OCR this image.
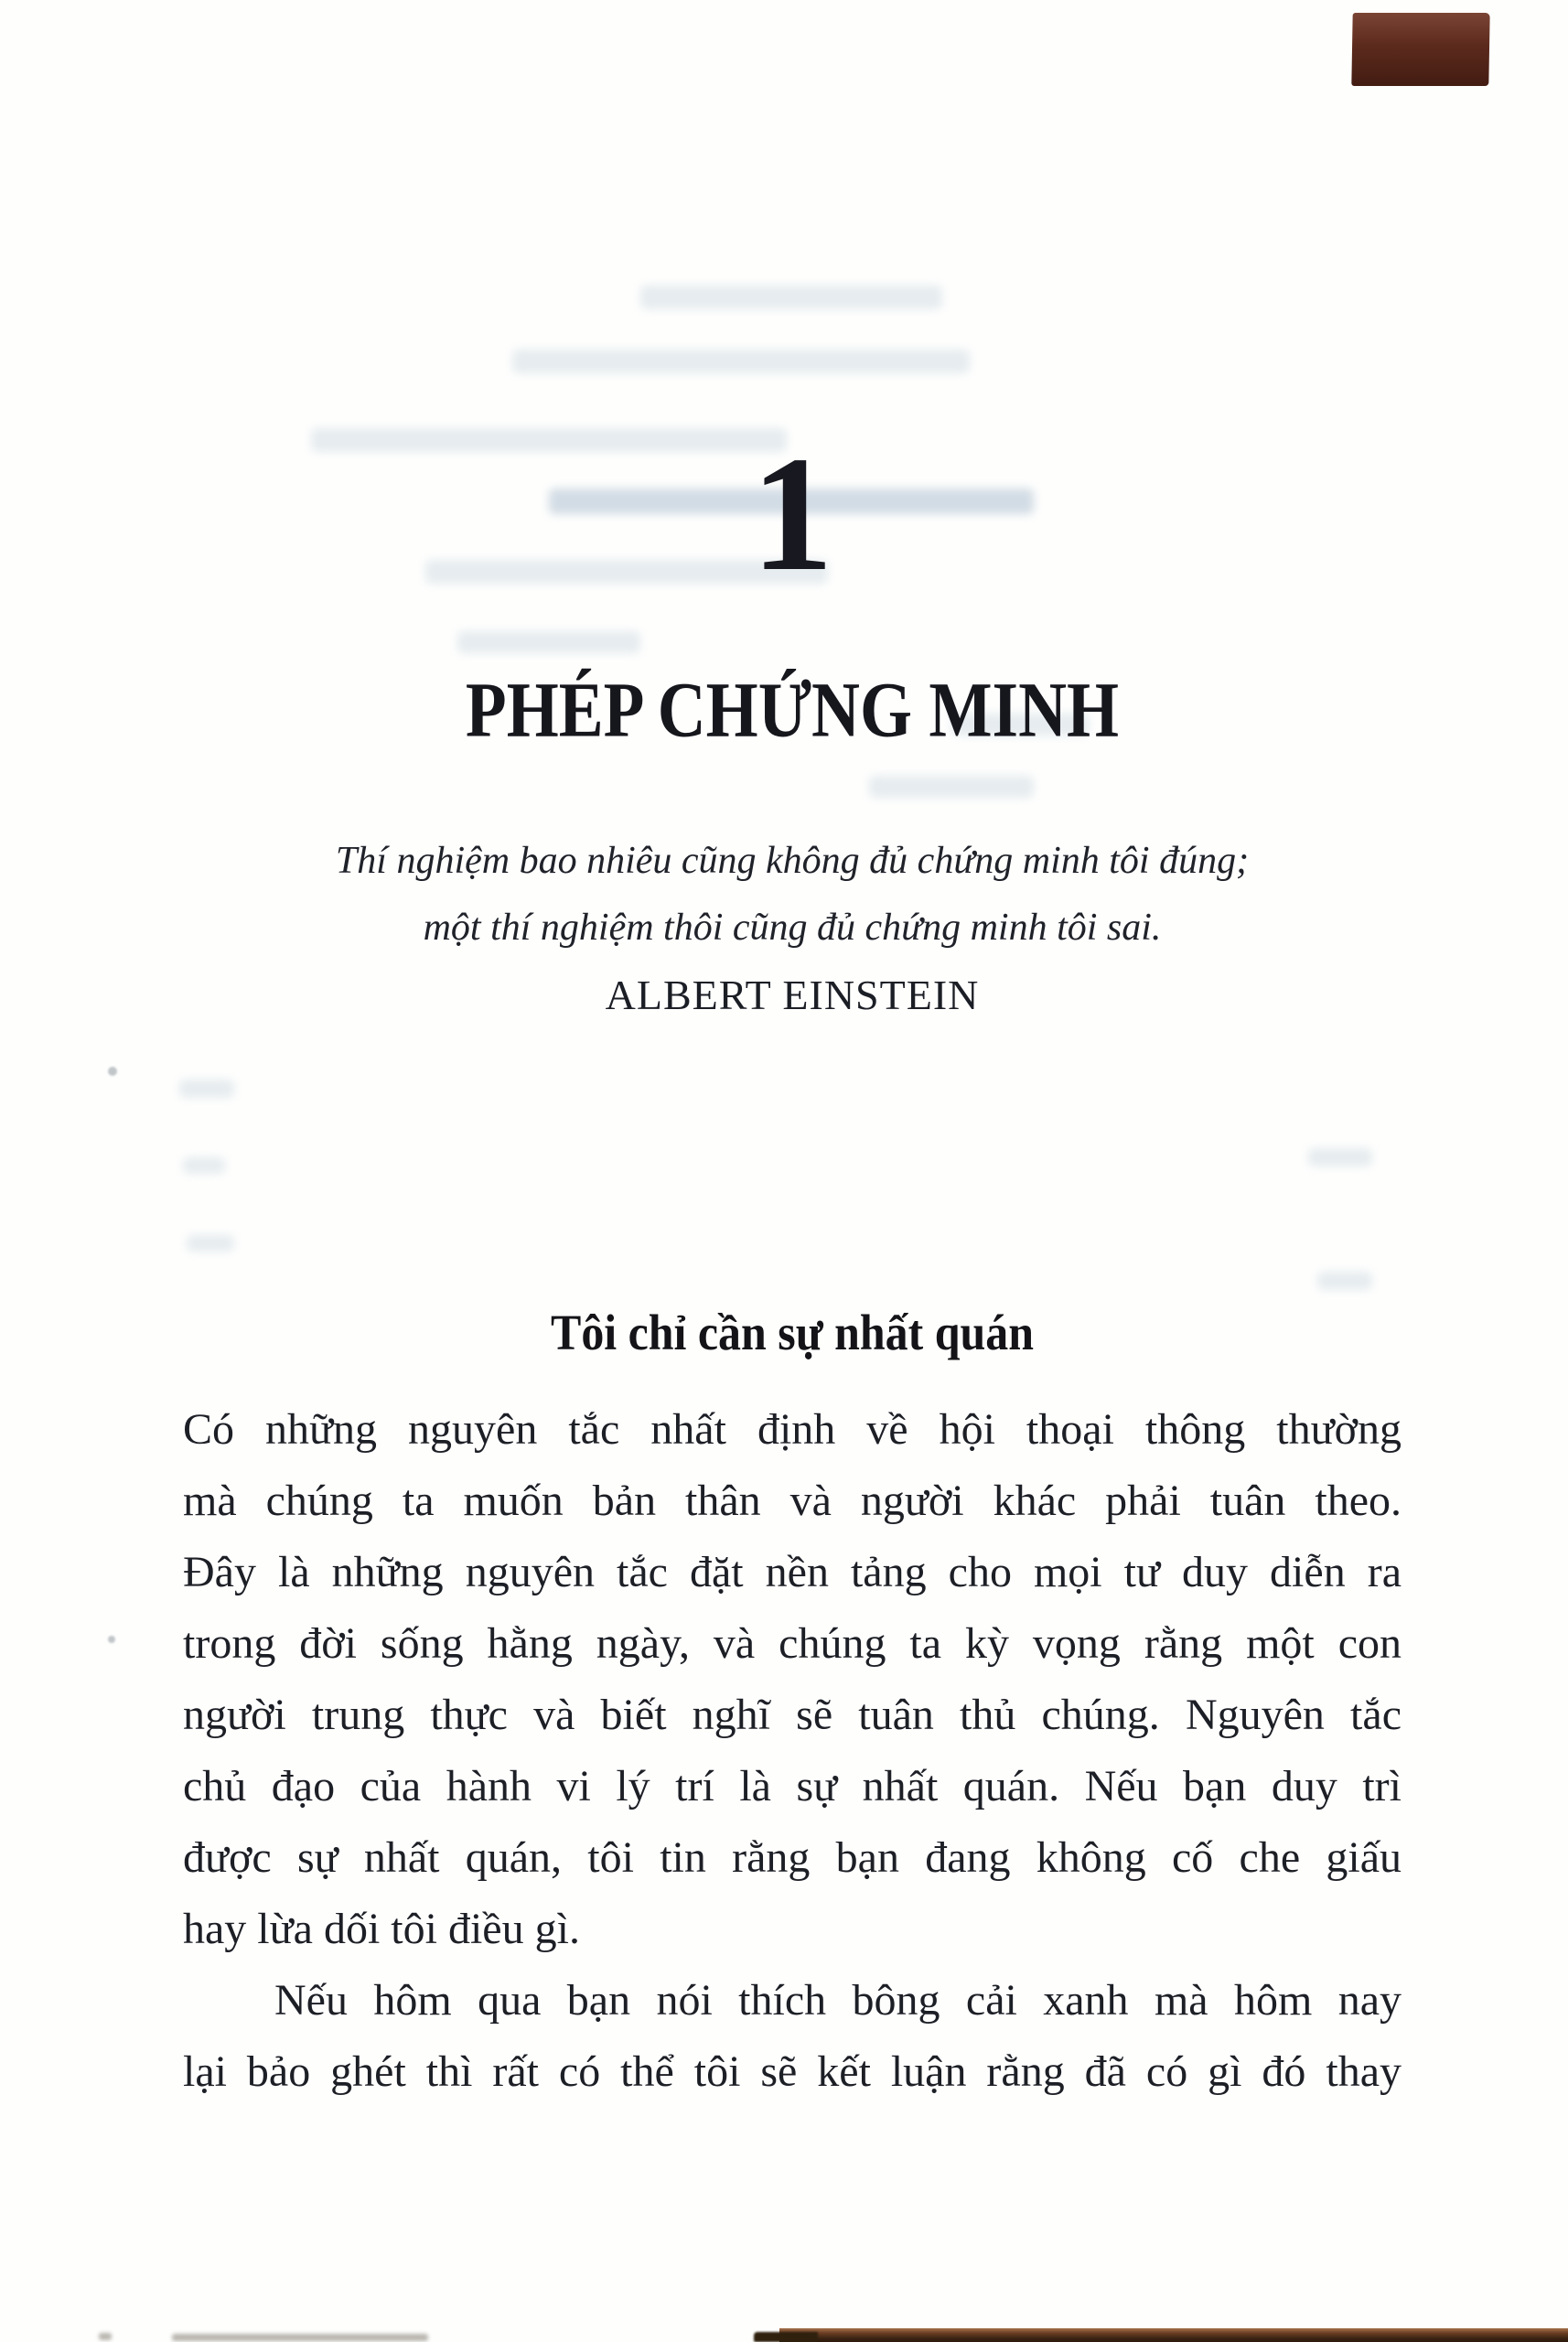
1
PHÉP CHỨNG MINH
Thí nghiệm bao nhiêu cũng không đủ chứng minh tôi đúng;
một thí nghiệm thôi cũng đủ chứng minh tôi sai.
ALBERT EINSTEIN
Tôi chỉ cần sự nhất quán
Có những nguyên tắc nhất định về hội thoại thông thường
mà chúng ta muốn bản thân và người khác phải tuân theo.
Đây là những nguyên tắc đặt nền tảng cho mọi tư duy diễn ra
trong đời sống hằng ngày, và chúng ta kỳ vọng rằng một con
người trung thực và biết nghĩ sẽ tuân thủ chúng. Nguyên tắc
chủ đạo của hành vi lý trí là sự nhất quán. Nếu bạn duy trì
được sự nhất quán, tôi tin rằng bạn đang không cố che giấu
hay lừa dối tôi điều gì.
Nếu hôm qua bạn nói thích bông cải xanh mà hôm nay
lại bảo ghét thì rất có thể tôi sẽ kết luận rằng đã có gì đó thay
